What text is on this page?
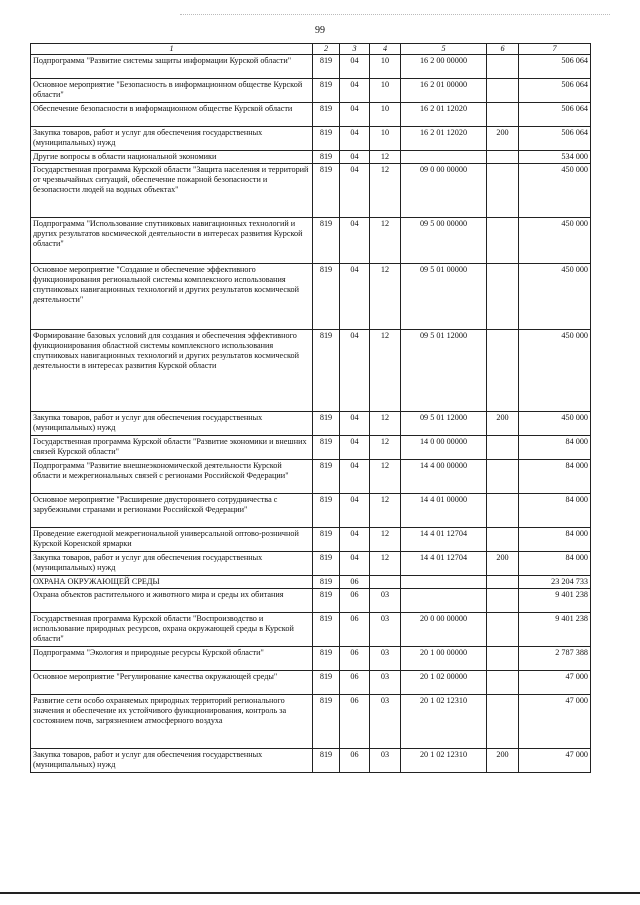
99
1	2	3	4	5	6	7
Подпрограмма "Развитие системы защиты информации Курской области"	819	04	10	16 2 00 00000		506 064
Основное мероприятие "Безопасность в информационном обществе Курской области"	819	04	10	16 2 01 00000		506 064
Обеспечение безопасности в информационном обществе Курской области	819	04	10	16 2 01 12020		506 064
Закупка товаров, работ и услуг для обеспечения государственных (муниципальных) нужд	819	04	10	16 2 01 12020	200	506 064
Другие вопросы в области национальной экономики	819	04	12			534 000
Государственная программа Курской области "Защита населения и территорий от чрезвычайных ситуаций, обеспечение пожарной безопасности и безопасности людей на водных объектах"	819	04	12	09 0 00 00000		450 000
Подпрограмма "Использование спутниковых навигационных технологий и других результатов космической деятельности в интересах развития Курской области"	819	04	12	09 5 00 00000		450 000
Основное мероприятие "Создание и обеспечение эффективного функционирования региональной системы комплексного использования спутниковых навигационных технологий и других результатов космической деятельности"	819	04	12	09 5 01 00000		450 000
Формирование базовых условий для создания и обеспечения эффективного функционирования областной системы комплексного использования спутниковых навигационных технологий и других результатов космической деятельности в интересах развития Курской области	819	04	12	09 5 01 12000		450 000
Закупка товаров, работ и услуг для обеспечения государственных (муниципальных) нужд	819	04	12	09 5 01 12000	200	450 000
Государственная программа Курской области "Развитие экономики и внешних связей Курской области"	819	04	12	14 0 00 00000		84 000
Подпрограмма "Развитие внешнеэкономической деятельности Курской области и межрегиональных связей с регионами Российской Федерации"	819	04	12	14 4 00 00000		84 000
Основное мероприятие "Расширение двустороннего сотрудничества с зарубежными странами и регионами Российской Федерации"	819	04	12	14 4 01 00000		84 000
Проведение ежегодной межрегиональной универсальной оптово-розничной Курской Коренской ярмарки	819	04	12	14 4 01 12704		84 000
Закупка товаров, работ и услуг для обеспечения государственных (муниципальных) нужд	819	04	12	14 4 01 12704	200	84 000
ОХРАНА ОКРУЖАЮЩЕЙ СРЕДЫ	819	06				23 204 733
Охрана объектов растительного и животного мира и среды их обитания	819	06	03			9 401 238
Государственная программа Курской области "Воспроизводство и использование природных ресурсов, охрана окружающей среды в Курской области"	819	06	03	20 0 00 00000		9 401 238
Подпрограмма "Экология и природные ресурсы Курской области"	819	06	03	20 1 00 00000		2 787 388
Основное мероприятие "Регулирование качества окружающей среды"	819	06	03	20 1 02 00000		47 000
Развитие сети особо охраняемых природных территорий регионального значения и обеспечение их устойчивого функционирования, контроль за состоянием почв, загрязнением атмосферного воздуха	819	06	03	20 1 02 12310		47 000
Закупка товаров, работ и услуг для обеспечения государственных (муниципальных) нужд	819	06	03	20 1 02 12310	200	47 000
